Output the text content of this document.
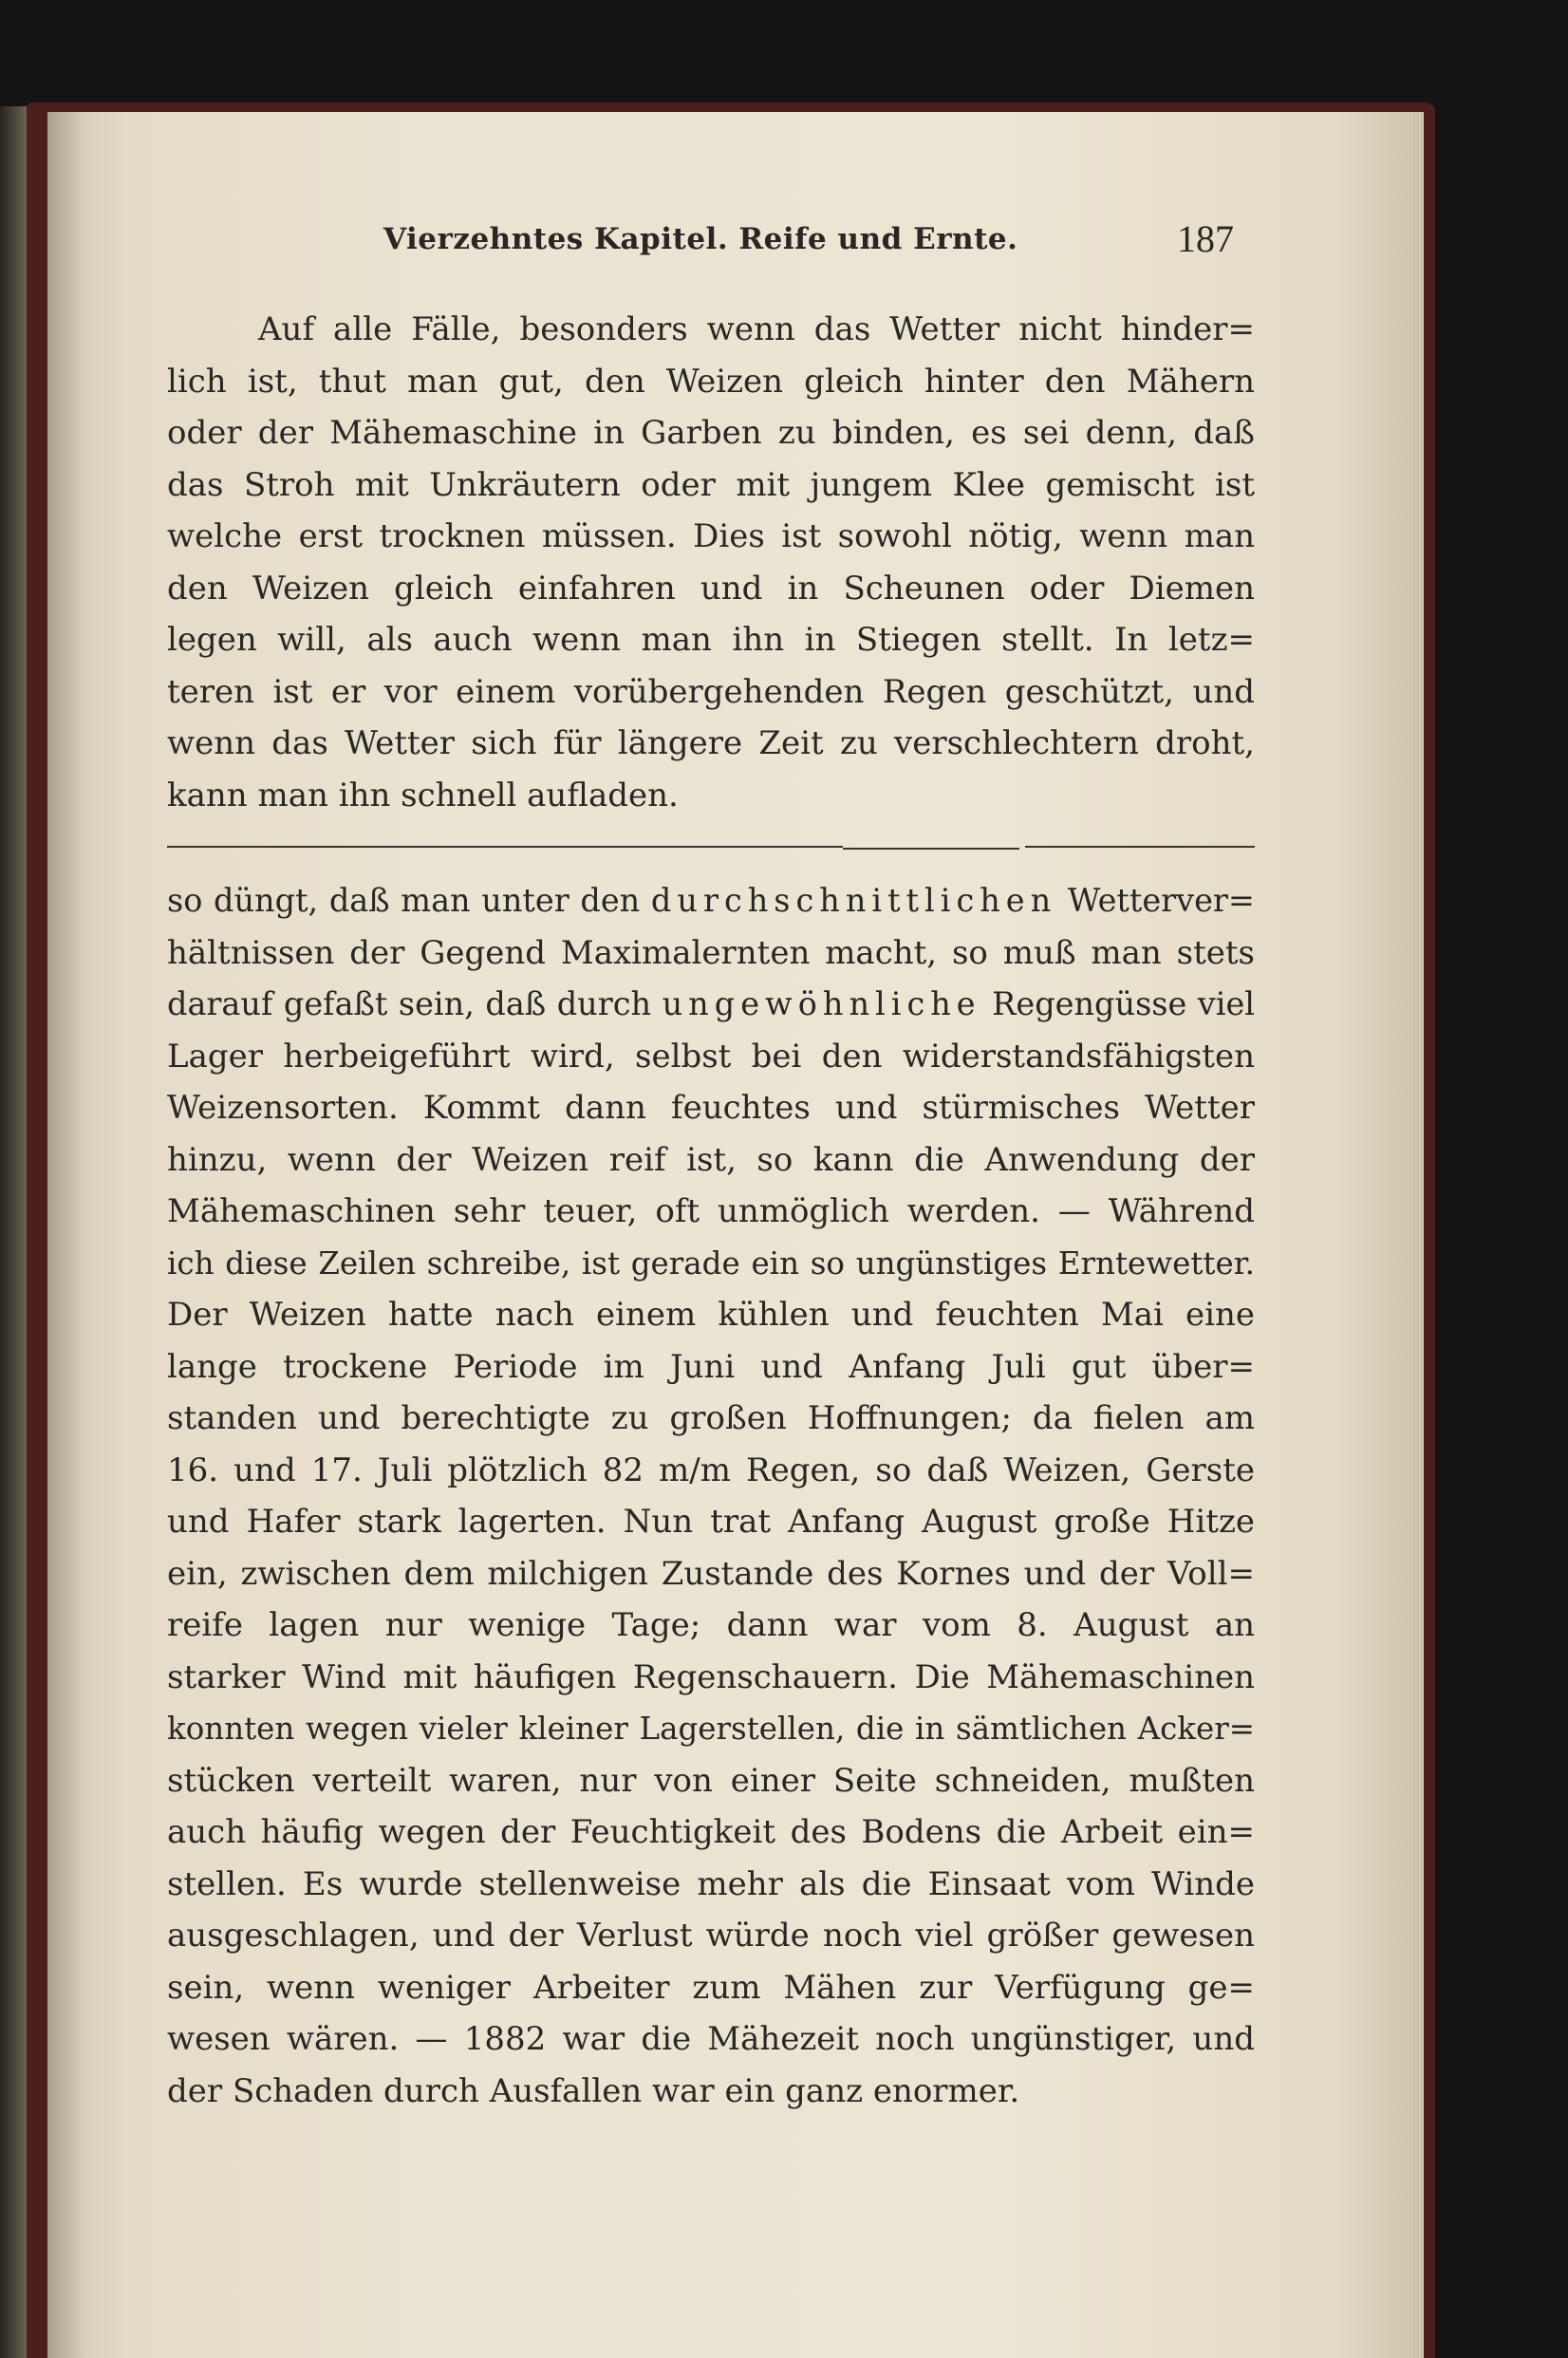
Vierzehntes Kapitel. Reife und Ernte.	187
Auf alle Fälle, besonders wenn das Wetter nicht hinder=
lich ist, thut man gut, den Weizen gleich hinter den Mähern
oder der Mähemaschine in Garben zu binden, es sei denn, daß
das Stroh mit Unkräutern oder mit jungem Klee gemischt ist
welche erst trocknen müssen. Dies ist sowohl nötig, wenn man
den Weizen gleich einfahren und in Scheunen oder Diemen
legen will, als auch wenn man ihn in Stiegen stellt. In letz=
teren ist er vor einem vorübergehenden Regen geschützt, und
wenn das Wetter sich für längere Zeit zu verschlechtern droht,
kann man ihn schnell aufladen.
so düngt, daß man unter den durchschnittlichen Wetterver=
hältnissen der Gegend Maximalernten macht, so muß man stets
darauf gefaßt sein, daß durch ungewöhnliche Regengüsse viel
Lager herbeigeführt wird, selbst bei den widerstandsfähigsten
Weizensorten. Kommt dann feuchtes und stürmisches Wetter
hinzu, wenn der Weizen reif ist, so kann die Anwendung der
Mähemaschinen sehr teuer, oft unmöglich werden. — Während
ich diese Zeilen schreibe, ist gerade ein so ungünstiges Erntewetter.
Der Weizen hatte nach einem kühlen und feuchten Mai eine
lange trockene Periode im Juni und Anfang Juli gut über=
standen und berechtigte zu großen Hoffnungen; da fielen am
16. und 17. Juli plötzlich 82 m/m Regen, so daß Weizen, Gerste
und Hafer stark lagerten. Nun trat Anfang August große Hitze
ein, zwischen dem milchigen Zustande des Kornes und der Voll=
reife lagen nur wenige Tage; dann war vom 8. August an
starker Wind mit häufigen Regenschauern. Die Mähemaschinen
konnten wegen vieler kleiner Lagerstellen, die in sämtlichen Acker=
stücken verteilt waren, nur von einer Seite schneiden, mußten
auch häufig wegen der Feuchtigkeit des Bodens die Arbeit ein=
stellen. Es wurde stellenweise mehr als die Einsaat vom Winde
ausgeschlagen, und der Verlust würde noch viel größer gewesen
sein, wenn weniger Arbeiter zum Mähen zur Verfügung ge=
wesen wären. — 1882 war die Mähezeit noch ungünstiger, und
der Schaden durch Ausfallen war ein ganz enormer.
